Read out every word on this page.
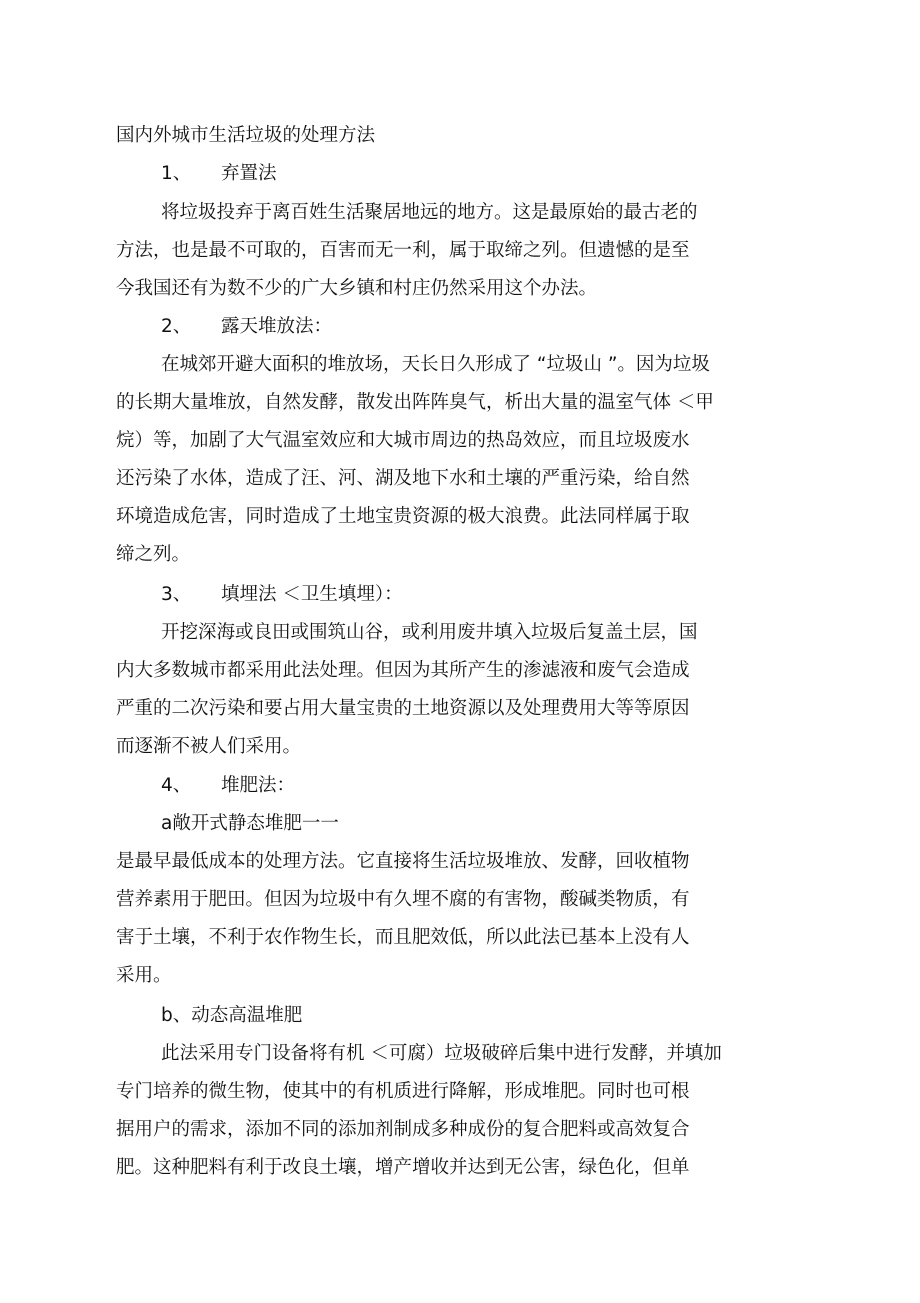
国内外城市生活垃圾的处理方法
1、 弃置法
将垃圾投弃于离百姓生活聚居地远的地方。这是最原始的最古老的
方法，也是最不可取的，百害而无一利，属于取缔之列。但遗憾的是至
今我国还有为数不少的广大乡镇和村庄仍然采用这个办法。
2、 露天堆放法：
在城郊开避大面积的堆放场，天长日久形成了 “垃圾山 ”。因为垃圾
的长期大量堆放，自然发酵，散发出阵阵臭气，析出大量的温室气体 ＜甲
烷）等，加剧了大气温室效应和大城市周边的热岛效应，而且垃圾废水
还污染了水体，造成了汪、河、湖及地下水和土壤的严重污染，给自然
环境造成危害，同时造成了土地宝贵资源的极大浪费。此法同样属于取
缔之列。
3、 填埋法 ＜卫生填埋）：
开挖深海或良田或围筑山谷，或利用废井填入垃圾后复盖土层，国
内大多数城市都采用此法处理。但因为其所产生的渗滤液和废气会造成
严重的二次污染和要占用大量宝贵的土地资源以及处理费用大等等原因
而逐渐不被人们采用。
4、 堆肥法：
a敞开式静态堆肥一一
是最早最低成本的处理方法。它直接将生活垃圾堆放、发酵，回收植物
营养素用于肥田。但因为垃圾中有久埋不腐的有害物，酸碱类物质，有
害于土壤，不利于农作物生长，而且肥效低，所以此法已基本上没有人
采用。
b、动态高温堆肥
此法采用专门设备将有机 ＜可腐）垃圾破碎后集中进行发酵，并填加
专门培养的微生物，使其中的有机质进行降解，形成堆肥。同时也可根
据用户的需求，添加不同的添加剂制成多种成份的复合肥料或高效复合
肥。这种肥料有利于改良土壤，增产增收并达到无公害，绿色化，但单
